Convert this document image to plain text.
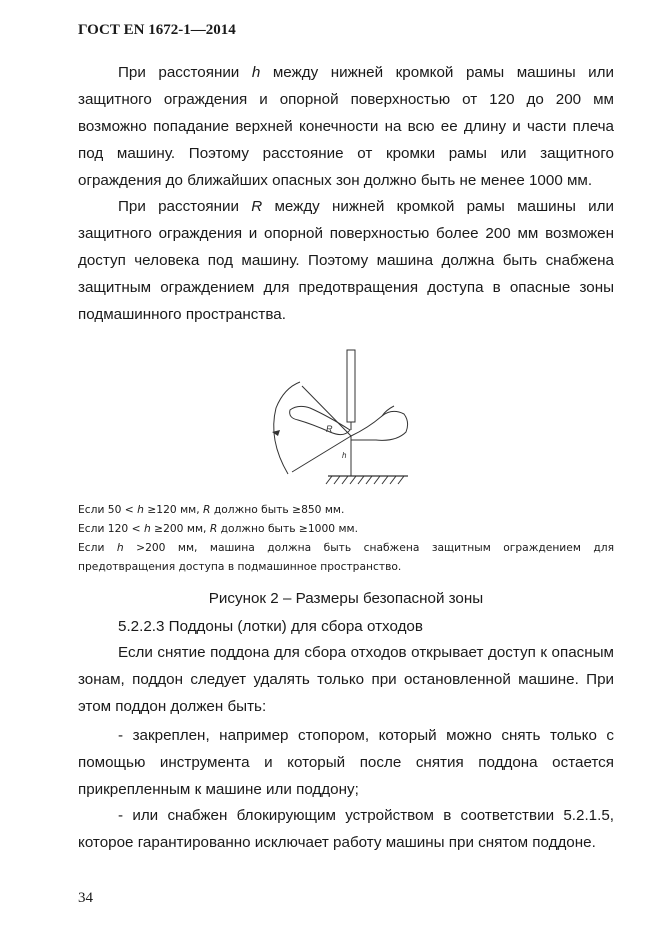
ГОСТ EN 1672-1—2014

При расстоянии h между нижней кромкой рамы машины или защитного ограждения и опорной поверхностью от 120 до 200 мм возможно попадание верхней конечности на всю ее длину и части плеча под машину. Поэтому расстояние от кромки рамы или защитного ограждения до ближайших опасных зон должно быть не менее 1000 мм.

При расстоянии R между нижней кромкой рамы машины или защитного ограждения и опорной поверхностью более 200 мм возможен доступ человека под машину. Поэтому машина должна быть снабжена защитным ограждением для предотвращения доступа в опасные зоны подмашинного пространства.

R
h
Если 50 < h ≥120 мм, R должно быть ≥850 мм.
Если 120 < h ≥200 мм, R должно быть ≥1000 мм.
Если h >200 мм, машина должна быть снабжена защитным ограждением для
предотвращения доступа в подмашинное пространство.
Рисунок 2 – Размеры безопасной зоны
5.2.2.3 Поддоны (лотки) для сбора отходов

Если снятие поддона для сбора отходов открывает доступ к опасным зонам, поддон следует удалять только при остановленной машине. При этом поддон должен быть:

- закреплен, например стопором, который можно снять только с помощью инструмента и который после снятия поддона остается прикрепленным к машине или поддону;

- или снабжен блокирующим устройством в соответствии 5.2.1.5, которое гарантированно исключает работу машины при снятом поддоне.

34
